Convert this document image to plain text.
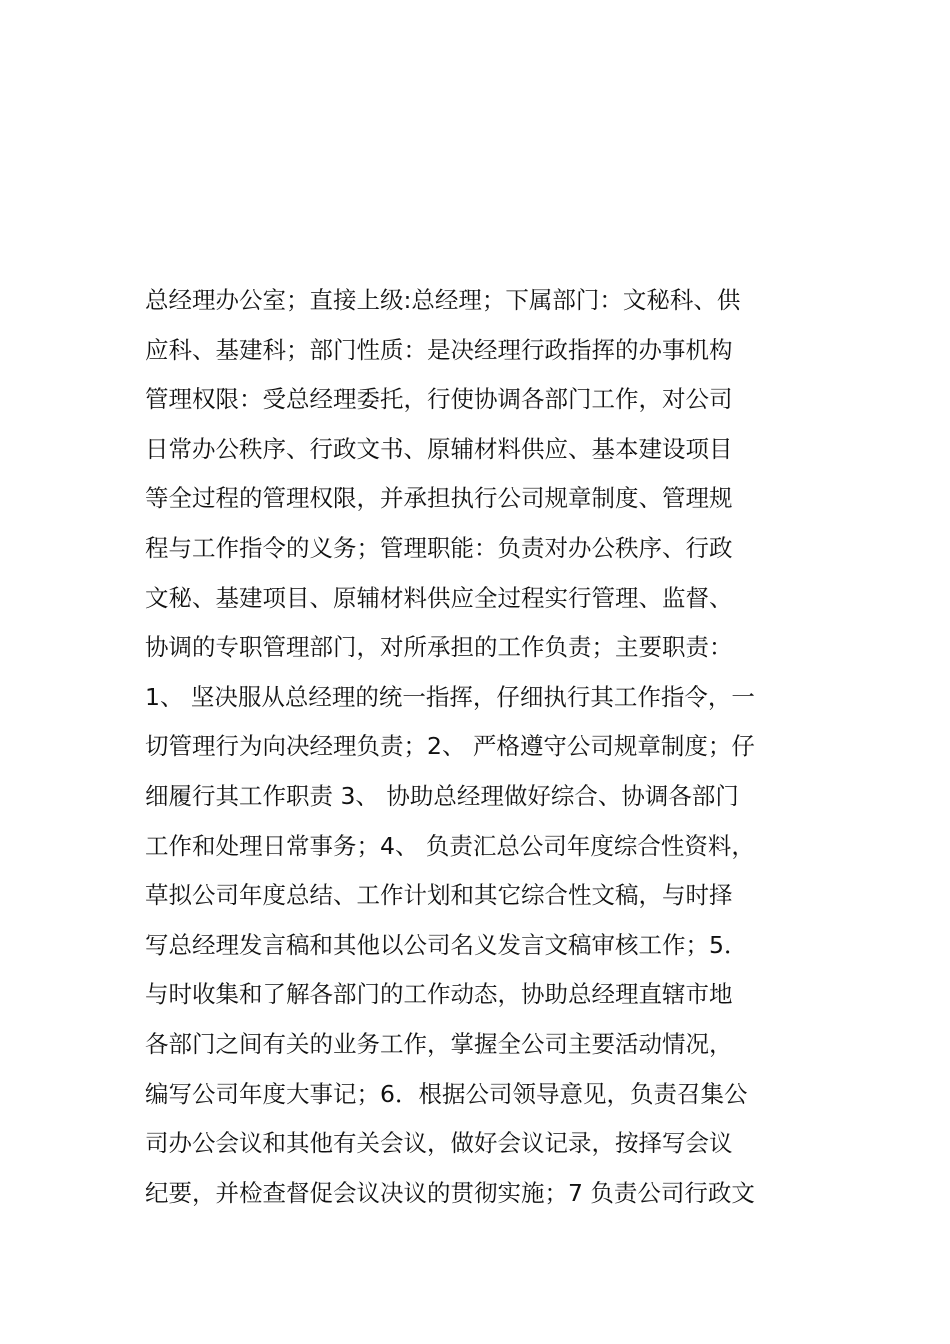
总经理办公室；直接上级:总经理；下属部门：文秘科、供
应科、基建科；部门性质：是决经理行政指挥的办事机构
管理权限：受总经理委托，行使协调各部门工作，对公司
日常办公秩序、行政文书、原辅材料供应、基本建设项目
等全过程的管理权限，并承担执行公司规章制度、管理规
程与工作指令的义务；管理职能：负责对办公秩序、行政
文秘、基建项目、原辅材料供应全过程实行管理、监督、
协调的专职管理部门，对所承担的工作负责；主要职责：
1、 坚决服从总经理的统一指挥，仔细执行其工作指令，一
切管理行为向决经理负责；2、 严格遵守公司规章制度；仔
细履行其工作职责 3、 协助总经理做好综合、协调各部门
工作和处理日常事务；4、 负责汇总公司年度综合性资料，
草拟公司年度总结、工作计划和其它综合性文稿，与时择
写总经理发言稿和其他以公司名义发言文稿审核工作；5．
与时收集和了解各部门的工作动态，协助总经理直辖市地
各部门之间有关的业务工作，掌握全公司主要活动情况，
编写公司年度大事记；6．根据公司领导意见，负责召集公
司办公会议和其他有关会议，做好会议记录，按择写会议
纪要，并检查督促会议决议的贯彻实施；7 负责公司行政文
